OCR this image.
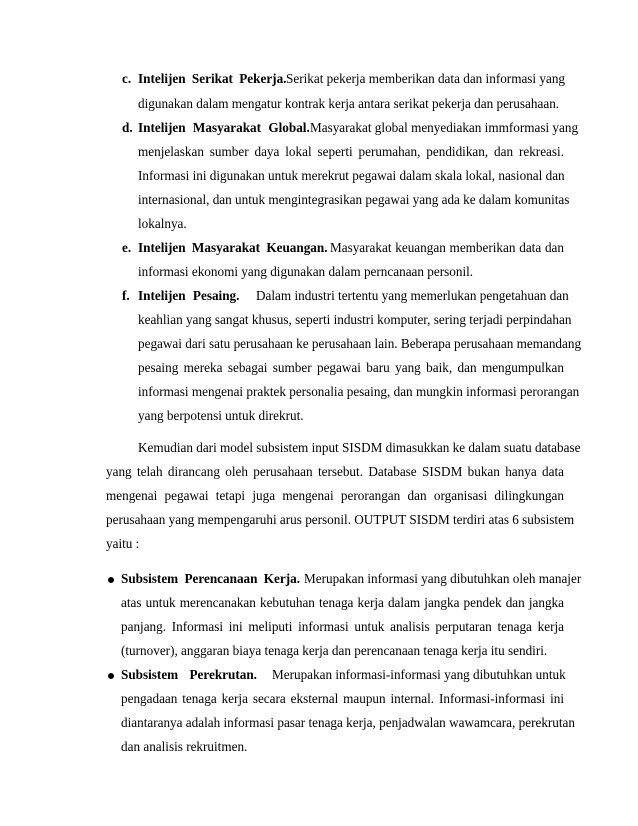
c. Intelijen Serikat Pekerja. Serikat pekerja memberikan data dan informasi yang
digunakan dalam mengatur kontrak kerja antara serikat pekerja dan perusahaan.
d. Intelijen Masyarakat Global. Masyarakat global menyediakan immformasi yang
menjelaskan sumber daya lokal seperti perumahan, pendidikan, dan rekreasi.
Informasi ini digunakan untuk merekrut pegawai dalam skala lokal, nasional dan
internasional, dan untuk mengintegrasikan pegawai yang ada ke dalam komunitas
lokalnya.
e. Intelijen Masyarakat Keuangan. Masyarakat keuangan memberikan data dan
informasi ekonomi yang digunakan dalam perncanaan personil.
f. Intelijen Pesaing. Dalam industri tertentu yang memerlukan pengetahuan dan
keahlian yang sangat khusus, seperti industri komputer, sering terjadi perpindahan
pegawai dari satu perusahaan ke perusahaan lain. Beberapa perusahaan memandang
pesaing mereka sebagai sumber pegawai baru yang baik, dan mengumpulkan
informasi mengenai praktek personalia pesaing, dan mungkin informasi perorangan
yang berpotensi untuk direkrut.
Kemudian dari model subsistem input SISDM dimasukkan ke dalam suatu database
yang telah dirancang oleh perusahaan tersebut. Database SISDM bukan hanya data
mengenai pegawai tetapi juga mengenai perorangan dan organisasi dilingkungan
perusahaan yang mempengaruhi arus personil. OUTPUT SISDM terdiri atas 6 subsistem
yaitu :
Subsistem Perencanaan Kerja. Merupakan informasi yang dibutuhkan oleh manajer
atas untuk merencanakan kebutuhan tenaga kerja dalam jangka pendek dan jangka
panjang. Informasi ini meliputi informasi untuk analisis perputaran tenaga kerja
(turnover), anggaran biaya tenaga kerja dan perencanaan tenaga kerja itu sendiri.
Subsistem Perekrutan. Merupakan informasi-informasi yang dibutuhkan untuk
pengadaan tenaga kerja secara eksternal maupun internal. Informasi-informasi ini
diantaranya adalah informasi pasar tenaga kerja, penjadwalan wawamcara, perekrutan
dan analisis rekruitmen.
